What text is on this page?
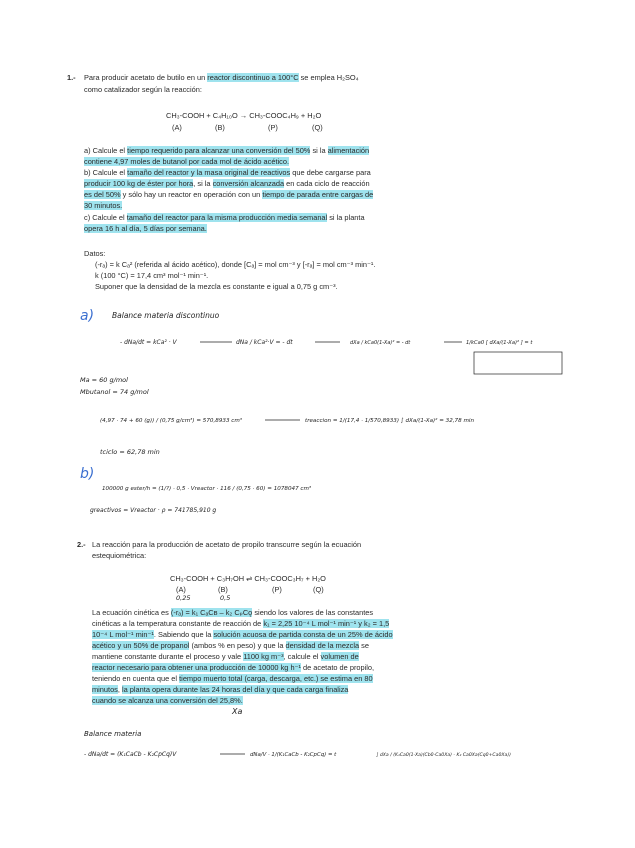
1.- Para producir acetato de butilo en un reactor discontinuo a 100°C se emplea H₂SO₄
como catalizador según la reacción:
CH₃-COOH + C₄H₁₀O → CH₃-COOC₄H₉ + H₂O
(A)	(B)	(P)	(Q)
a) Calcule el tiempo requerido para alcanzar una conversión del 50% si la alimentación
contiene 4,97 moles de butanol por cada mol de ácido acético.
b) Calcule el tamaño del reactor y la masa original de reactivos que debe cargarse para
producir 100 kg de éster por hora, si la conversión alcanzada en cada ciclo de reacción
es del 50% y sólo hay un reactor en operación con un tiempo de parada entre cargas de
30 minutos.
c) Calcule el tamaño del reactor para la misma producción media semanal si la planta
opera 16 h al día, 5 días por semana.
Datos:
(-rₐ) = k Cₐ² (referida al ácido acético), donde [Cₐ] = mol cm⁻³ y [-rₐ] = mol cm⁻³ min⁻¹.
k (100 °C) = 17,4 cm³ mol⁻¹ min⁻¹.
Suponer que la densidad de la mezcla es constante e igual a 0,75 g cm⁻³.
a) Balance materia discontinuo
- dNa/dt = kCa² · V	dNa / kCa²·V = - dt	dXa / kCa0(1-Xa)² = - dt	1/kCa0 [ dXa/(1-Xa)² ] = t
Ma = 60 g/mol
Mbutanol = 74 g/mol
(4,97 · 74 + 60 (g)) / (0,75 g/cm³) = 570,8933 cm³	treaccion = 1/(17,4 · 1/570,8933) ∫ dXa/(1-Xa)² = 32,78 min
tciclo = 62,78 min
b)
100000 g ester/h = (1/?) · 0,5 · Vreactor · 116 / (0,75 · 60) = 1078047 cm³
greactivos = Vreactor · ρ = 741785,910 g
2.- La reacción para la producción de acetato de propilo transcurre según la ecuación
estequiométrica:
CH₃-COOH + C₃H₇OH ⇌ CH₃-COOC₃H₇ + H₂O
(A)	(B)	(P)	(Q)
0,25	0,5
La ecuación cinética es (-rₐ) = k₁ CₐCʙ – k₂ CₚCǫ siendo los valores de las constantes
cinéticas a la temperatura constante de reacción de k₁ = 2,25 10⁻⁴ L mol⁻¹ min⁻¹ y k₂ = 1,5
10⁻⁴ L mol⁻¹ min⁻¹. Sabiendo que la solución acuosa de partida consta de un 25% de ácido
acético y un 50% de propanol (ambos % en peso) y que la densidad de la mezcla se
mantiene constante durante el proceso y vale 1100 kg m⁻³, calcule el volumen de
reactor necesario para obtener una producción de 10000 kg h⁻¹ de acetato de propilo,
teniendo en cuenta que el tiempo muerto total (carga, descarga, etc.) se estima en 80
minutos, la planta opera durante las 24 horas del día y que cada carga finaliza
cuando se alcanza una conversión del 25,8%.
Xa
Balance materia
- dNa/dt = (K₁CaCb - K₂CpCq)V	dNa/V · 1/(K₁CaCb - K₂CpCq) = t	∫ dXa / (K₁Ca0(1-Xa)(Cb0-Ca0Xa) - K₂ Ca0Xa(Cq0+Ca0Xa))
